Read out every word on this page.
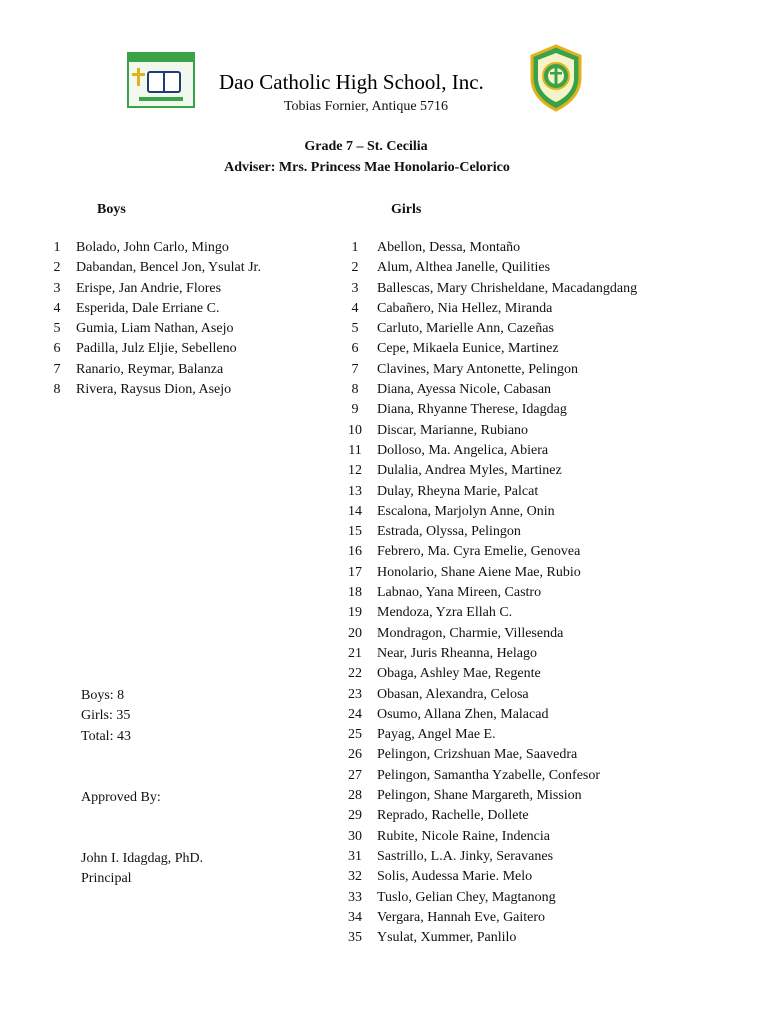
Dao Catholic High School, Inc.
Tobias Fornier, Antique 5716
Grade 7 – St. Cecilia
Adviser: Mrs. Princess Mae Honolario-Celorico
Boys	Girls
1 Bolado, John Carlo, Mingo
2 Dabandan, Bencel Jon, Ysulat Jr.
3 Erispe, Jan Andrie, Flores
4 Esperida, Dale Erriane C.
5 Gumia, Liam Nathan, Asejo
6 Padilla, Julz Eljie, Sebelleno
7 Ranario, Reymar, Balanza
8 Rivera, Raysus Dion, Asejo
1	Abellon, Dessa, Montaño
2	Alum, Althea Janelle, Quilities
3	Ballescas, Mary Chrisheldane, Macadangdang
4	Cabañero, Nia Hellez, Miranda
5	Carluto, Marielle Ann, Cazeñas
6	Cepe, Mikaela Eunice, Martinez
7	Clavines, Mary Antonette, Pelingon
8	Diana, Ayessa Nicole, Cabasan
9	Diana, Rhyanne Therese, Idagdag
10 Discar, Marianne, Rubiano
11	Dolloso, Ma. Angelica, Abiera
12 Dulalia, Andrea Myles, Martinez
13 Dulay, Rheyna Marie, Palcat
14 Escalona, Marjolyn Anne, Onin
15 Estrada, Olyssa, Pelingon
16 Febrero, Ma. Cyra Emelie, Genovea
17 Honolario, Shane Aiene Mae, Rubio
18 Labnao, Yana Mireen, Castro
19 Mendoza, Yzra Ellah C.
20 Mondragon, Charmie, Villesenda
21 Near, Juris Rheanna, Helago
22 Obaga, Ashley Mae, Regente
23 Obasan, Alexandra, Celosa
24 Osumo, Allana Zhen, Malacad
25 Payag, Angel Mae E.
26 Pelingon, Crizshuan Mae, Saavedra
27 Pelingon, Samantha Yzabelle, Confesor
28 Pelingon, Shane Margareth, Mission
29 Reprado, Rachelle, Dollete
30 Rubite, Nicole Raine, Indencia
31 Sastrillo, L.A. Jinky, Seravanes
32 Solis, Audessa Marie. Melo
33 Tuslo, Gelian Chey, Magtanong
34 Vergara, Hannah Eve, Gaitero
35 Ysulat, Xummer, Panlilo
Boys: 8
Girls: 35
Total: 43
Approved By:
John I. Idagdag, PhD.
Principal
